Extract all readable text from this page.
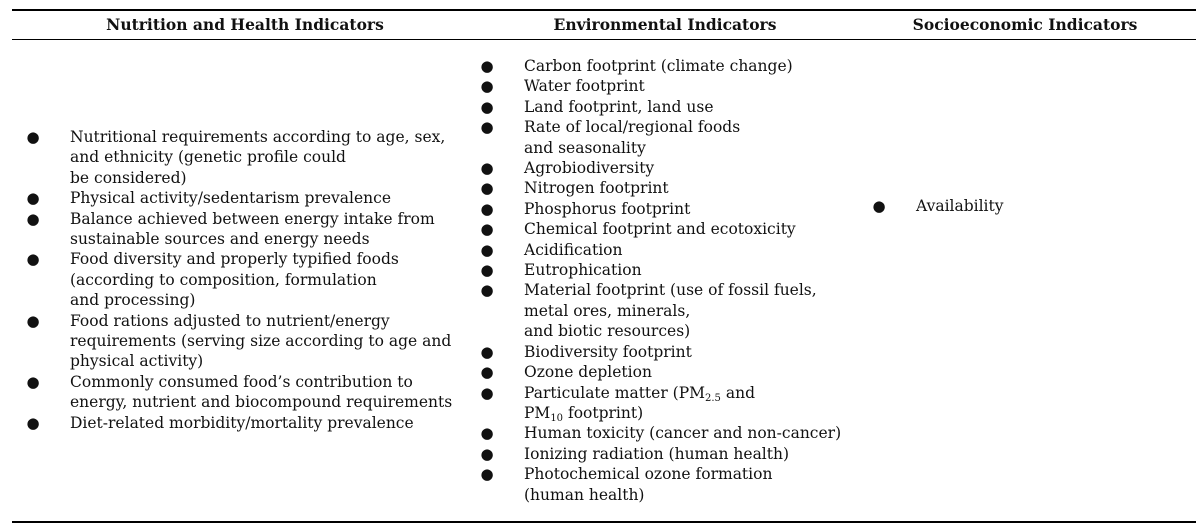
Nutrition and Health Indicators	Environmental Indicators	Socioeconomic Indicators
● Nutritional requirements according to age, sex,
and ethnicity (genetic profile could
be considered)
● Physical activity/sedentarism prevalence
● Balance achieved between energy intake from
sustainable sources and energy needs
● Food diversity and properly typified foods
(according to composition, formulation
and processing)
● Food rations adjusted to nutrient/energy
requirements (serving size according to age and
physical activity)
● Commonly consumed food’s contribution to
energy, nutrient and biocompound requirements
● Diet-related morbidity/mortality prevalence
● Carbon footprint (climate change)
● Water footprint
● Land footprint, land use
● Rate of local/regional foods
and seasonality
● Agrobiodiversity
● Nitrogen footprint
● Phosphorus footprint
● Chemical footprint and ecotoxicity
● Acidification
● Eutrophication
● Material footprint (use of fossil fuels,
metal ores, minerals,
and biotic resources)
● Biodiversity footprint
● Ozone depletion
● Particulate matter ($PM_{2.5}$ and
$PM_{10}$ footprint)
● Human toxicity (cancer and non-cancer)
● Ionizing radiation (human health)
● Photochemical ozone formation
(human health)
● Availability
